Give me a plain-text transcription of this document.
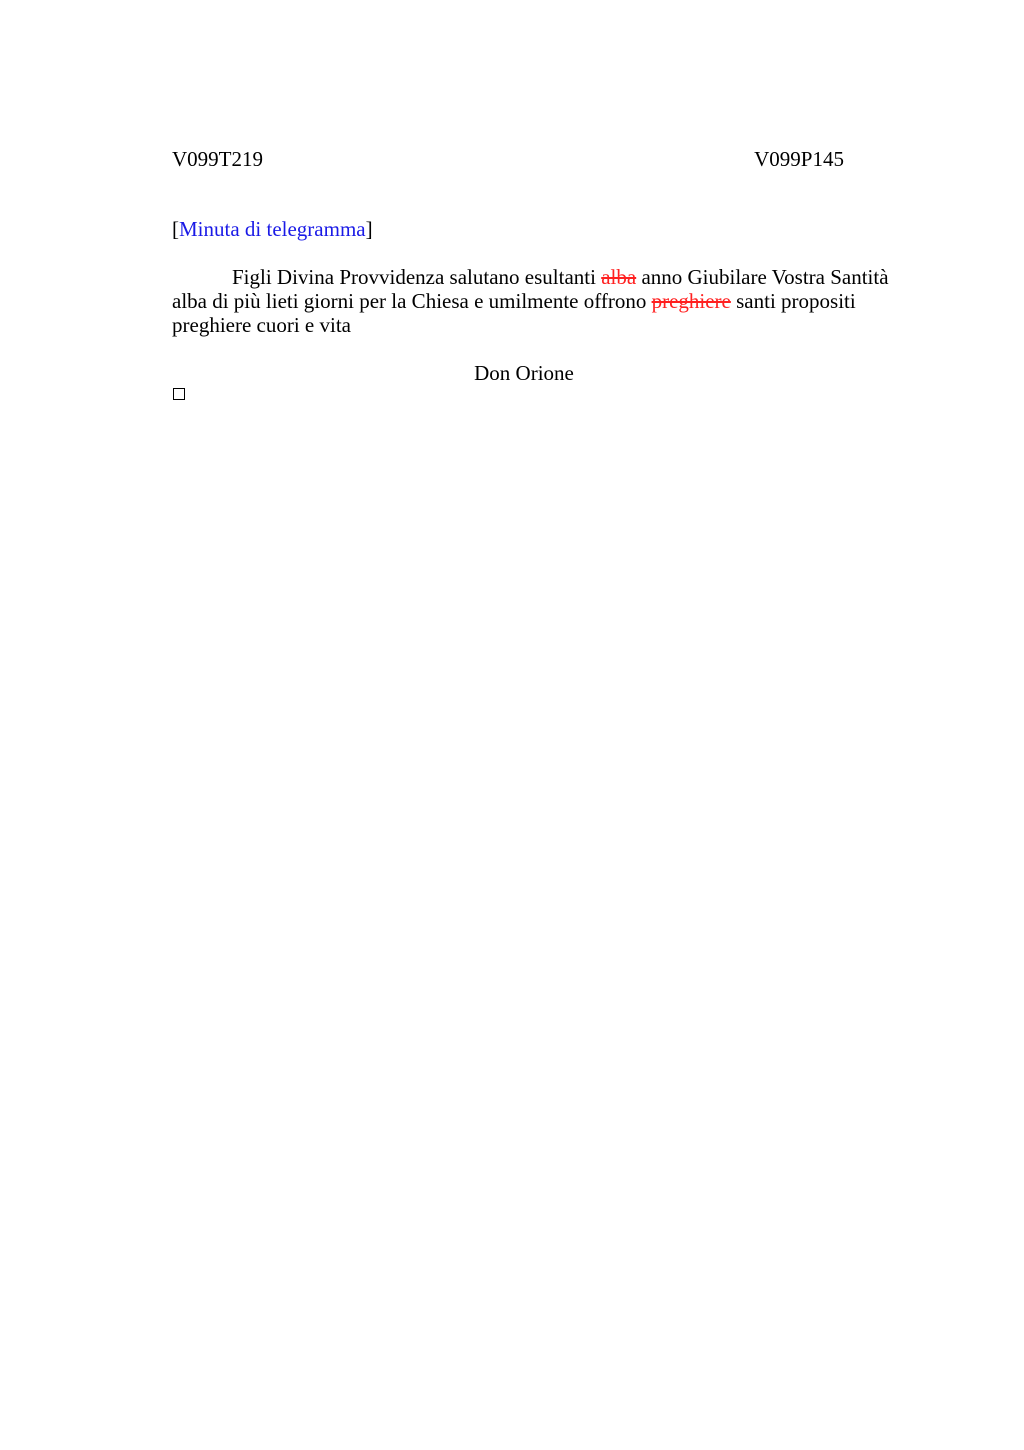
V099T219	V099P145
[Minuta di telegramma]
Figli Divina Provvidenza salutano esultanti alba anno Giubilare Vostra Santità alba di più lieti giorni per la Chiesa e umilmente offrono preghiere santi propositi preghiere cuori e vita
Don Orione
